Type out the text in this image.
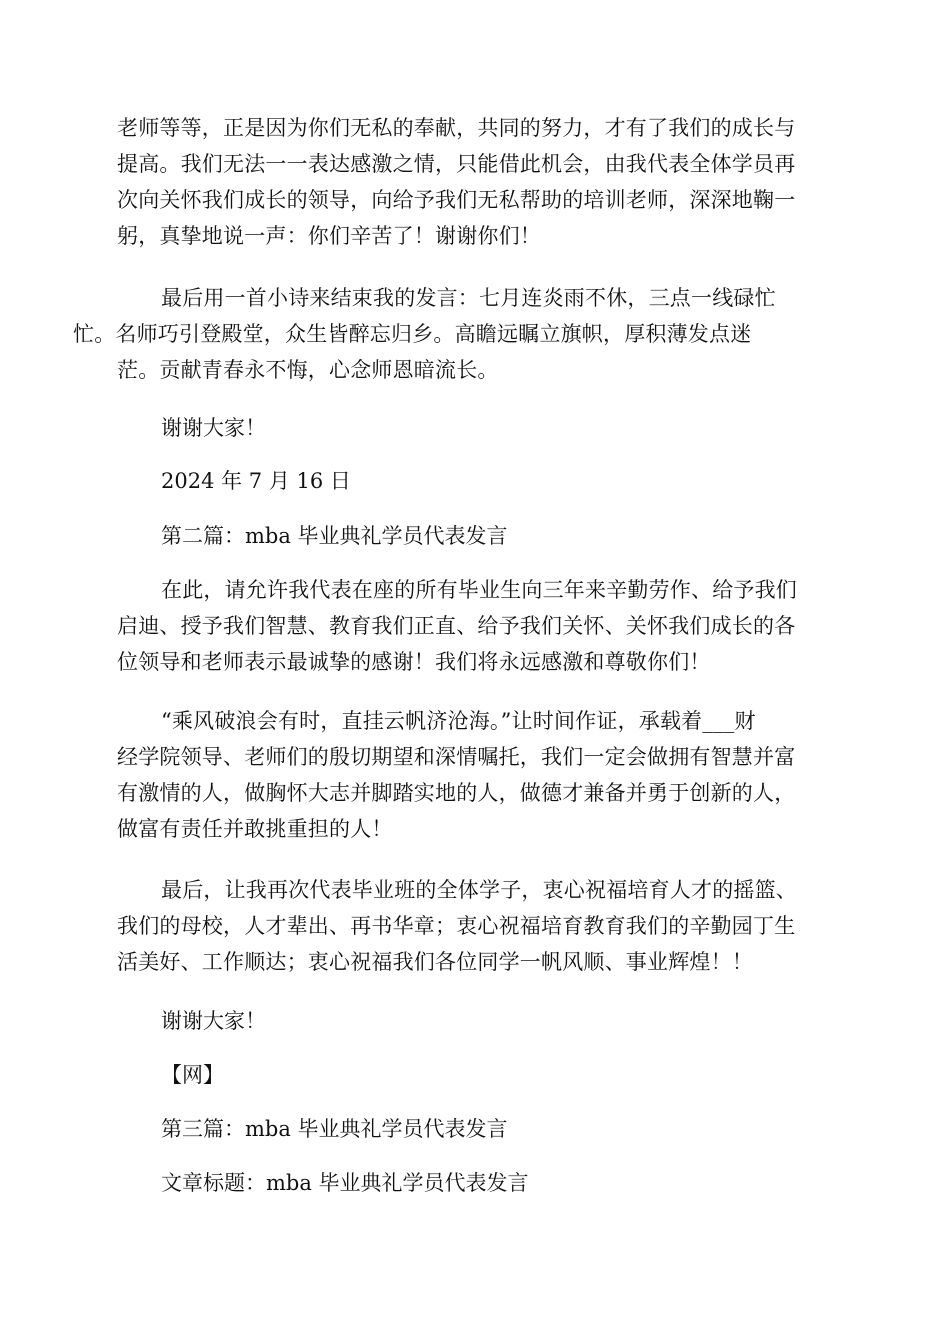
老师等等，正是因为你们无私的奉献，共同的努力，才有了我们的成长与
提高。我们无法一一表达感激之情，只能借此机会，由我代表全体学员再
次向关怀我们成长的领导，向给予我们无私帮助的培训老师，深深地鞠一
躬，真挚地说一声：你们辛苦了！谢谢你们！

最后用一首小诗来结束我的发言：七月连炎雨不休，三点一线碌忙
忙。名师巧引登殿堂，众生皆醉忘归乡。高瞻远瞩立旗帜，厚积薄发点迷
茫。贡献青春永不悔，心念师恩暗流长。

谢谢大家！

2024 年 7 月 16 日

第二篇：mba 毕业典礼学员代表发言

在此，请允许我代表在座的所有毕业生向三年来辛勤劳作、给予我们
启迪、授予我们智慧、教育我们正直、给予我们关怀、关怀我们成长的各
位领导和老师表示最诚挚的感谢！我们将永远感激和尊敬你们！

“乘风破浪会有时，直挂云帆济沧海。”让时间作证，承载着___财
经学院领导、老师们的殷切期望和深情嘱托，我们一定会做拥有智慧并富
有激情的人，做胸怀大志并脚踏实地的人，做德才兼备并勇于创新的人，
做富有责任并敢挑重担的人！

最后，让我再次代表毕业班的全体学子，衷心祝福培育人才的摇篮、
我们的母校，人才辈出、再书华章；衷心祝福培育教育我们的辛勤园丁生
活美好、工作顺达；衷心祝福我们各位同学一帆风顺、事业辉煌！！

谢谢大家！

【网】

第三篇：mba 毕业典礼学员代表发言

文章标题：mba 毕业典礼学员代表发言
